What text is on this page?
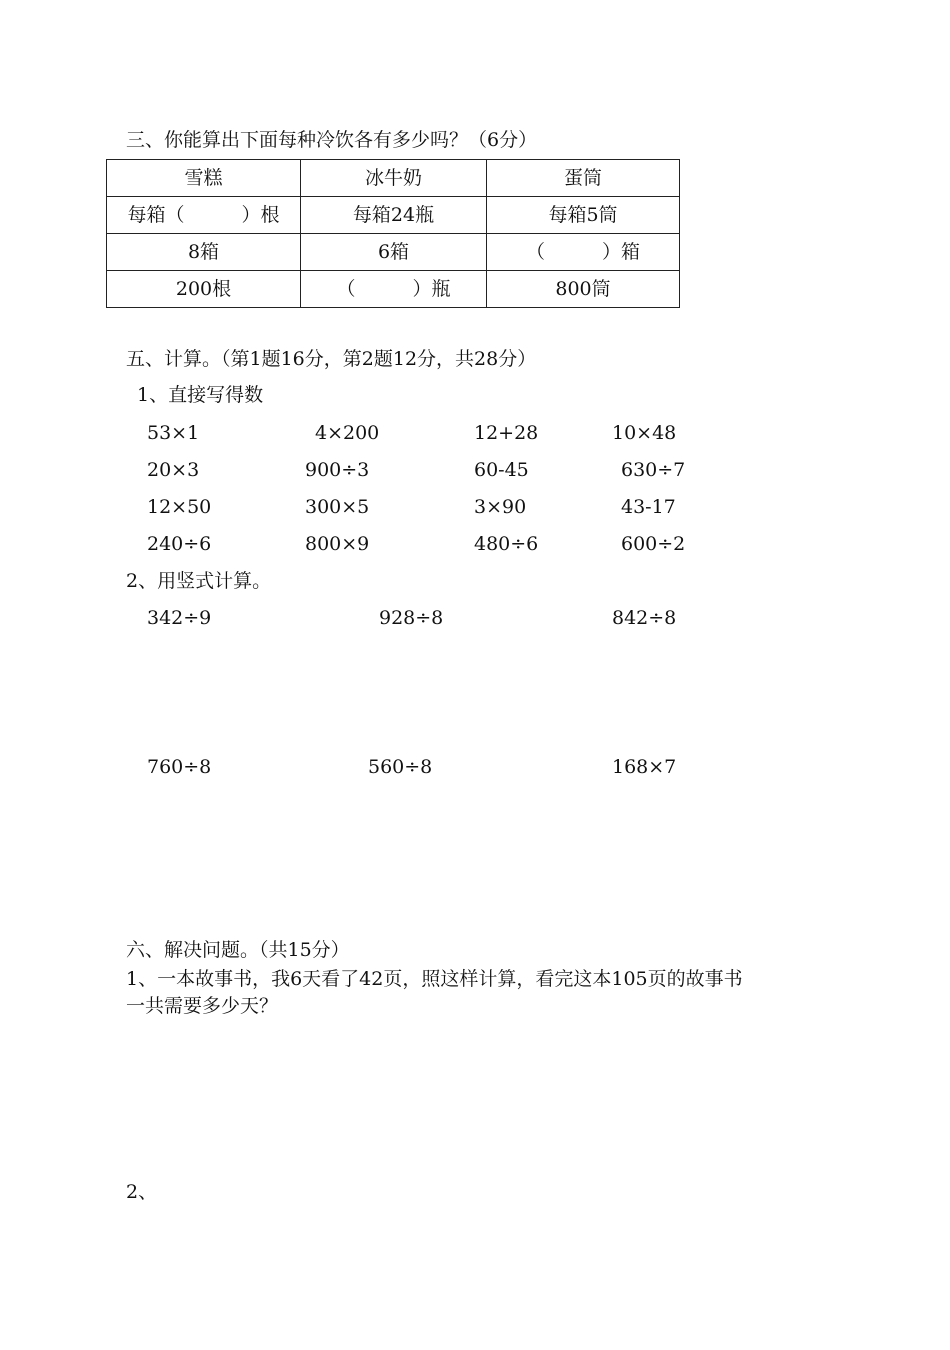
三、你能算出下面每种冷饮各有多少吗？（6分）
雪糕	冰牛奶	蛋筒
每箱（　　　）根	每箱24瓶	每箱5筒
8箱	6箱	（　　　）箱
200根	（　　　）瓶	800筒
五、计算。（第1题16分，第2题12分，共28分）
1、直接写得数
53×1	4×200	12+28	10×48
20×3	900÷3	60-45	630÷7
12×50	300×5	3×90	43-17
240÷6	800×9	480÷6	600÷2
2、用竖式计算。
342÷9	928÷8	842÷8
760÷8	560÷8	168×7
六、解决问题。（共15分）
1、一本故事书，我6天看了42页，照这样计算，看完这本105页的故事书
一共需要多少天？
2、
